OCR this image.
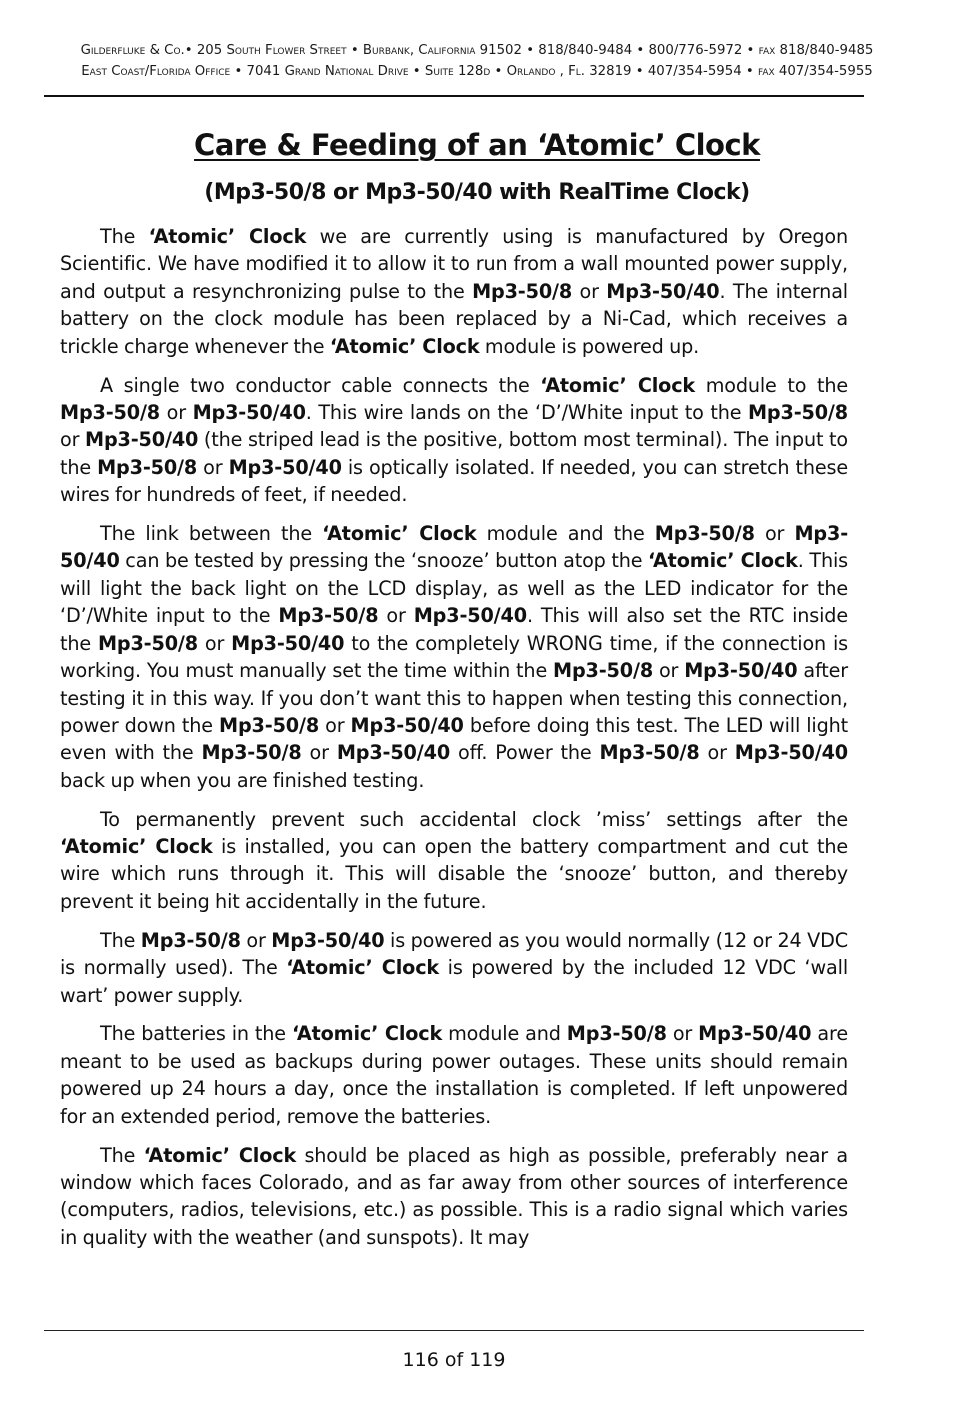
Gilderfluke & Co.• 205 South Flower Street • Burbank, California 91502 • 818/840-9484 • 800/776-5972 • fax 818/840-9485
East Coast/Florida Office • 7041 Grand National Drive • Suite 128d • Orlando , Fl. 32819 • 407/354-5954 • fax 407/354-5955
Care & Feeding of an ‘Atomic’ Clock
(Mp3-50/8 or Mp3-50/40 with RealTime Clock)

The ‘Atomic’ Clock we are currently using is manufactured by Oregon Scientific. We have modified it to allow it to run from a wall mounted power supply, and output a resynchronizing pulse to the Mp3-50/8 or Mp3-50/40. The internal battery on the clock module has been replaced by a Ni-Cad, which receives a trickle charge whenever the ‘Atomic’ Clock module is powered up.

A single two conductor cable connects the ‘Atomic’ Clock module to the Mp3-50/8 or Mp3-50/40. This wire lands on the ‘D’/White input to the Mp3-50/8 or Mp3-50/40 (the striped lead is the positive, bottom most terminal). The input to the Mp3-50/8 or Mp3-50/40 is optically isolated. If needed, you can stretch these wires for hundreds of feet, if needed.

The link between the ‘Atomic’ Clock module and the Mp3-50/8 or Mp3-50/40 can be tested by pressing the ‘snooze’ button atop the ‘Atomic’ Clock. This will light the back light on the LCD display, as well as the LED indicator for the ‘D’/White input to the Mp3-50/8 or Mp3-50/40. This will also set the RTC inside the Mp3-50/8 or Mp3-50/40 to the completely WRONG time, if the connection is working. You must manually set the time within the Mp3-50/8 or Mp3-50/40 after testing it in this way. If you don’t want this to happen when testing this connection, power down the Mp3-50/8 or Mp3-50/40 before doing this test. The LED will light even with the Mp3-50/8 or Mp3-50/40 off. Power the Mp3-50/8 or Mp3-50/40 back up when you are finished testing.

To permanently prevent such accidental clock ’miss’ settings after the ‘Atomic’ Clock is installed, you can open the battery compartment and cut the wire which runs through it. This will disable the ‘snooze’ button, and thereby prevent it being hit accidentally in the future.

The Mp3-50/8 or Mp3-50/40 is powered as you would normally (12 or 24 VDC is normally used). The ‘Atomic’ Clock is powered by the included 12 VDC ‘wall wart’ power supply.

The batteries in the ‘Atomic’ Clock module and Mp3-50/8 or Mp3-50/40 are meant to be used as backups during power outages. These units should remain powered up 24 hours a day, once the installation is completed. If left unpowered for an extended period, remove the batteries.

The ‘Atomic’ Clock should be placed as high as possible, preferably near a window which faces Colorado, and as far away from other sources of interference (computers, radios, televisions, etc.) as possible. This is a radio signal which varies in quality with the weather (and sunspots). It may

116 of 119
